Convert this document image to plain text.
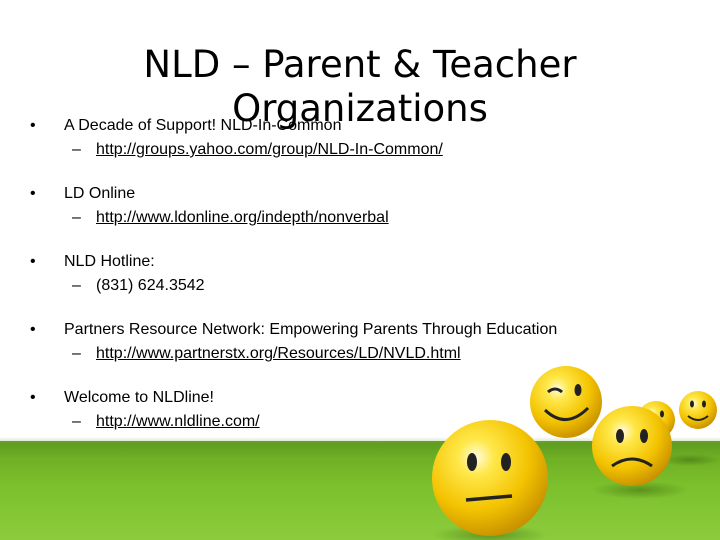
NLD – Parent & Teacher
Organizations
• A Decade of Support! NLD-In-Common
– http://groups.yahoo.com/group/NLD-In-Common/
• LD Online
– http://www.ldonline.org/indepth/nonverbal
• NLD Hotline:
– (831) 624.3542
• Partners Resource Network: Empowering Parents Through Education
– http://www.partnerstx.org/Resources/LD/NVLD.html
• Welcome to NLDline!
– http://www.nldline.com/
